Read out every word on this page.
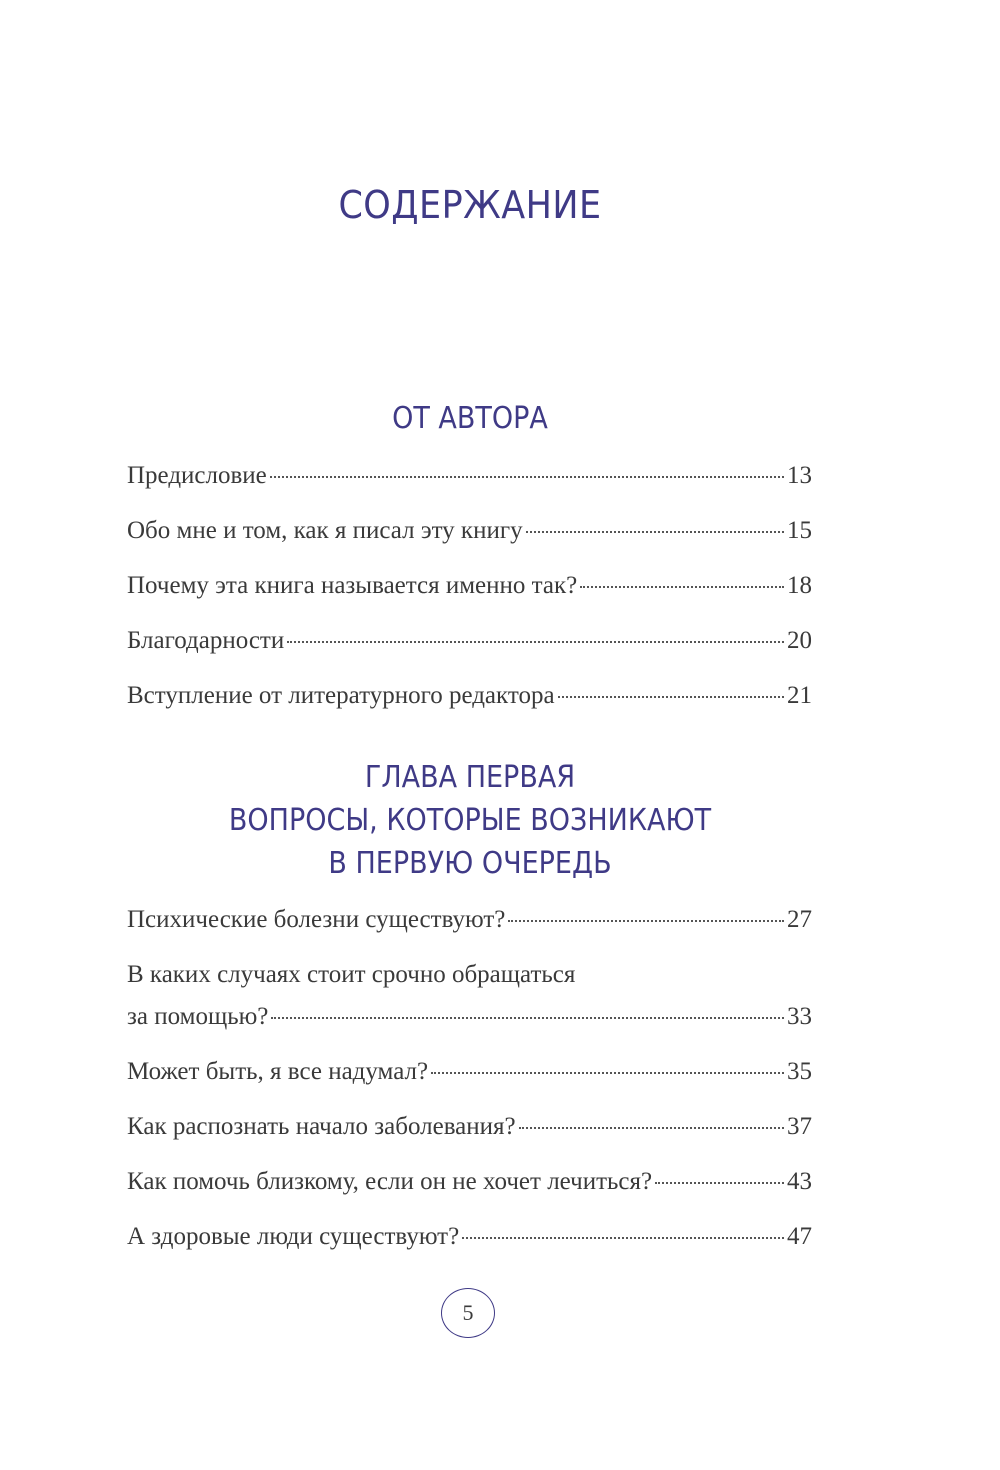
СОДЕРЖАНИЕ
ОТ АВТОРА
Предисловие	13
Обо мне и том, как я писал эту книгу	15
Почему эта книга называется именно так?	18
Благодарности	20
Вступление от литературного редактора	21
ГЛАВА ПЕРВАЯ
ВОПРОСЫ, КОТОРЫЕ ВОЗНИКАЮТ
В ПЕРВУЮ ОЧЕРЕДЬ
Психические болезни существуют?	27
В каких случаях стоит срочно обращаться
за помощью?	33
Может быть, я все надумал?	35
Как распознать начало заболевания?	37
Как помочь близкому, если он не хочет лечиться?	43
А здоровые люди существуют?	47
5
